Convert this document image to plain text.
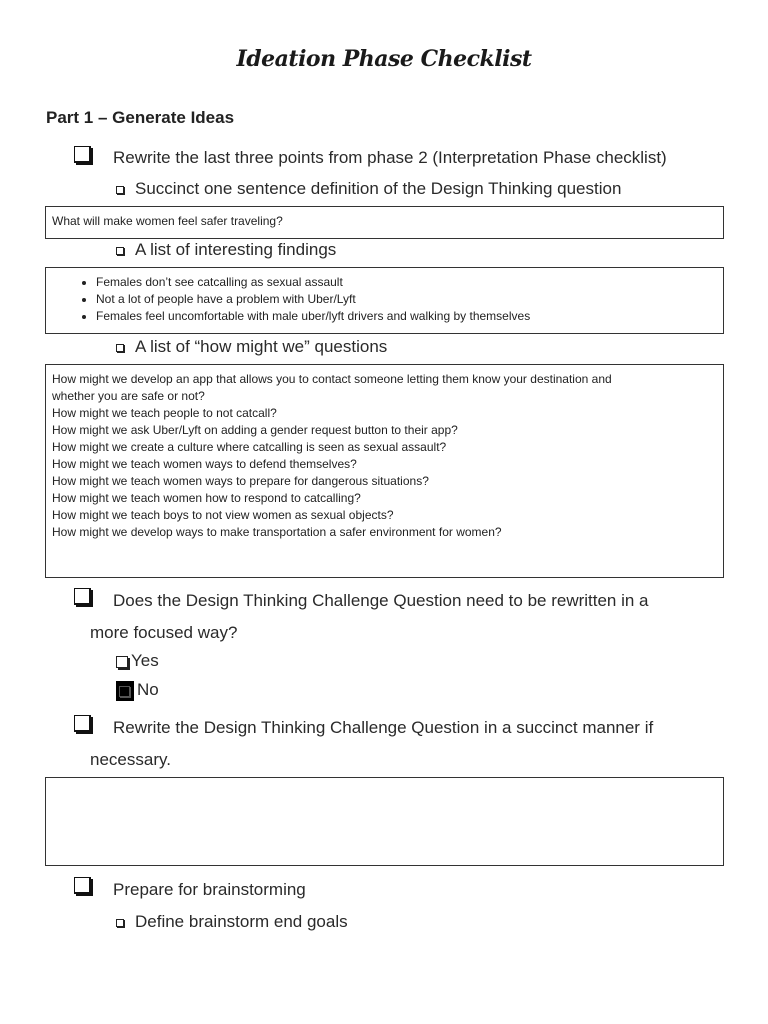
Ideation Phase Checklist
Part 1 – Generate Ideas
Rewrite the last three points from phase 2 (Interpretation Phase checklist)
Succinct one sentence definition of the Design Thinking question
What will make women feel safer traveling?
A list of interesting findings
• Females don’t see catcalling as sexual assault
• Not a lot of people have a problem with Uber/Lyft
• Females feel uncomfortable with male uber/lyft drivers and walking by themselves
A list of “how might we” questions
How might we develop an app that allows you to contact someone letting them know your destination and
whether you are safe or not?
How might we teach people to not catcall?
How might we ask Uber/Lyft on adding a gender request button to their app?
How might we create a culture where catcalling is seen as sexual assault?
How might we teach women ways to defend themselves?
How might we teach women ways to prepare for dangerous situations?
How might we teach women how to respond to catcalling?
How might we teach boys to not view women as sexual objects?
How might we develop ways to make transportation a safer environment for women?
Does the Design Thinking Challenge Question need to be rewritten in a
more focused way?
Yes
No
Rewrite the Design Thinking Challenge Question in a succinct manner if
necessary.
Prepare for brainstorming
Define brainstorm end goals
